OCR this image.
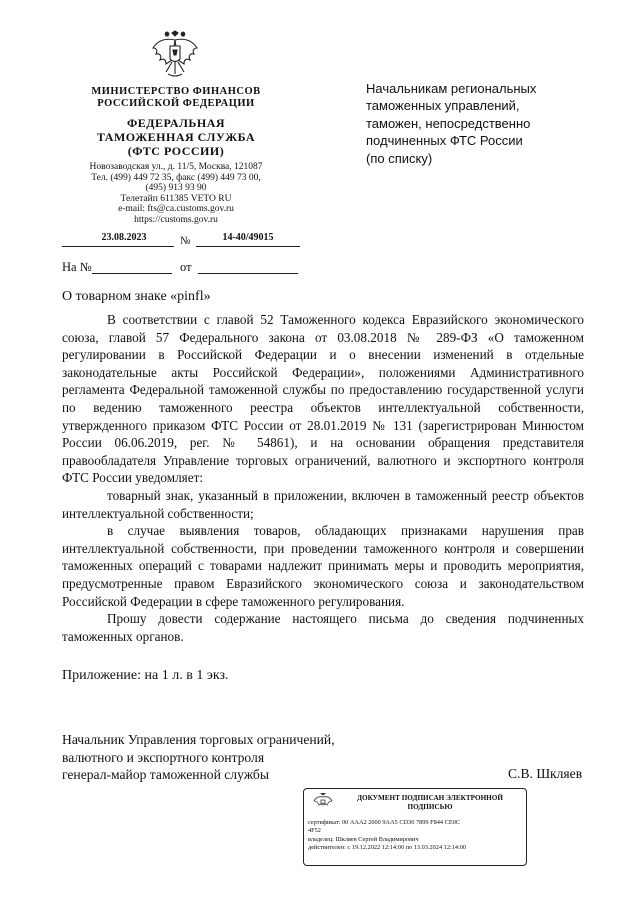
МИНИСТЕРСТВО ФИНАНСОВ
РОССИЙСКОЙ ФЕДЕРАЦИИ
ФЕДЕРАЛЬНАЯ
ТАМОЖЕННАЯ СЛУЖБА
(ФТС РОССИИ)
Новозаводская ул., д. 11/5, Москва, 121087
Тел. (499) 449 72 35, факс (499) 449 73 00,
(495) 913 93 90
Телетайп 611385 VETO RU
e-mail: fts@ca.customs.gov.ru
https://customs.gov.ru
23.08.2023	№	14-40/49015
На №	от
Начальникам региональных
таможенных управлений,
таможен, непосредственно
подчиненных ФТС России
(по списку)
О товарном знаке «pinfl»

В соответствии с главой 52 Таможенного кодекса Евразийского экономического союза, главой 57 Федерального закона от 03.08.2018 № 289-ФЗ «О таможенном регулировании в Российской Федерации и о внесении изменений в отдельные законодательные акты Российской Федерации», положениями Административного регламента Федеральной таможенной службы по предоставлению государственной услуги по ведению таможенного реестра объектов интеллектуальной собственности, утвержденного приказом ФТС России от 28.01.2019 № 131 (зарегистрирован Минюстом России 06.06.2019, рег. № 54861), и на основании обращения представителя правообладателя Управление торговых ограничений, валютного и экспортного контроля ФТС России уведомляет:

товарный знак, указанный в приложении, включен в таможенный реестр объектов интеллектуальной собственности;

в случае выявления товаров, обладающих признаками нарушения прав интеллектуальной собственности, при проведении таможенного контроля и совершении таможенных операций с товарами надлежит принимать меры и проводить мероприятия, предусмотренные правом Евразийского экономического союза и законодательством Российской Федерации в сфере таможенного регулирования.

Прошу довести содержание настоящего письма до сведения подчиненных таможенных органов.

Приложение: на 1 л. в 1 экз.
Начальник Управления торговых ограничений,
валютного и экспортного контроля
генерал-майор таможенной службы	С.В. Шкляев
ДОКУМЕНТ ПОДПИСАН ЭЛЕКТРОННОЙ
ПОДПИСЬЮ
сертификат: 00 AAA2 2000 9AA5 CD30 7899 F844 CE0C
4F52
владелец: Шкляев Сергей Владимирович
действителен: с 19.12.2022 12:14:00 по 13.03.2024 12:14:00
